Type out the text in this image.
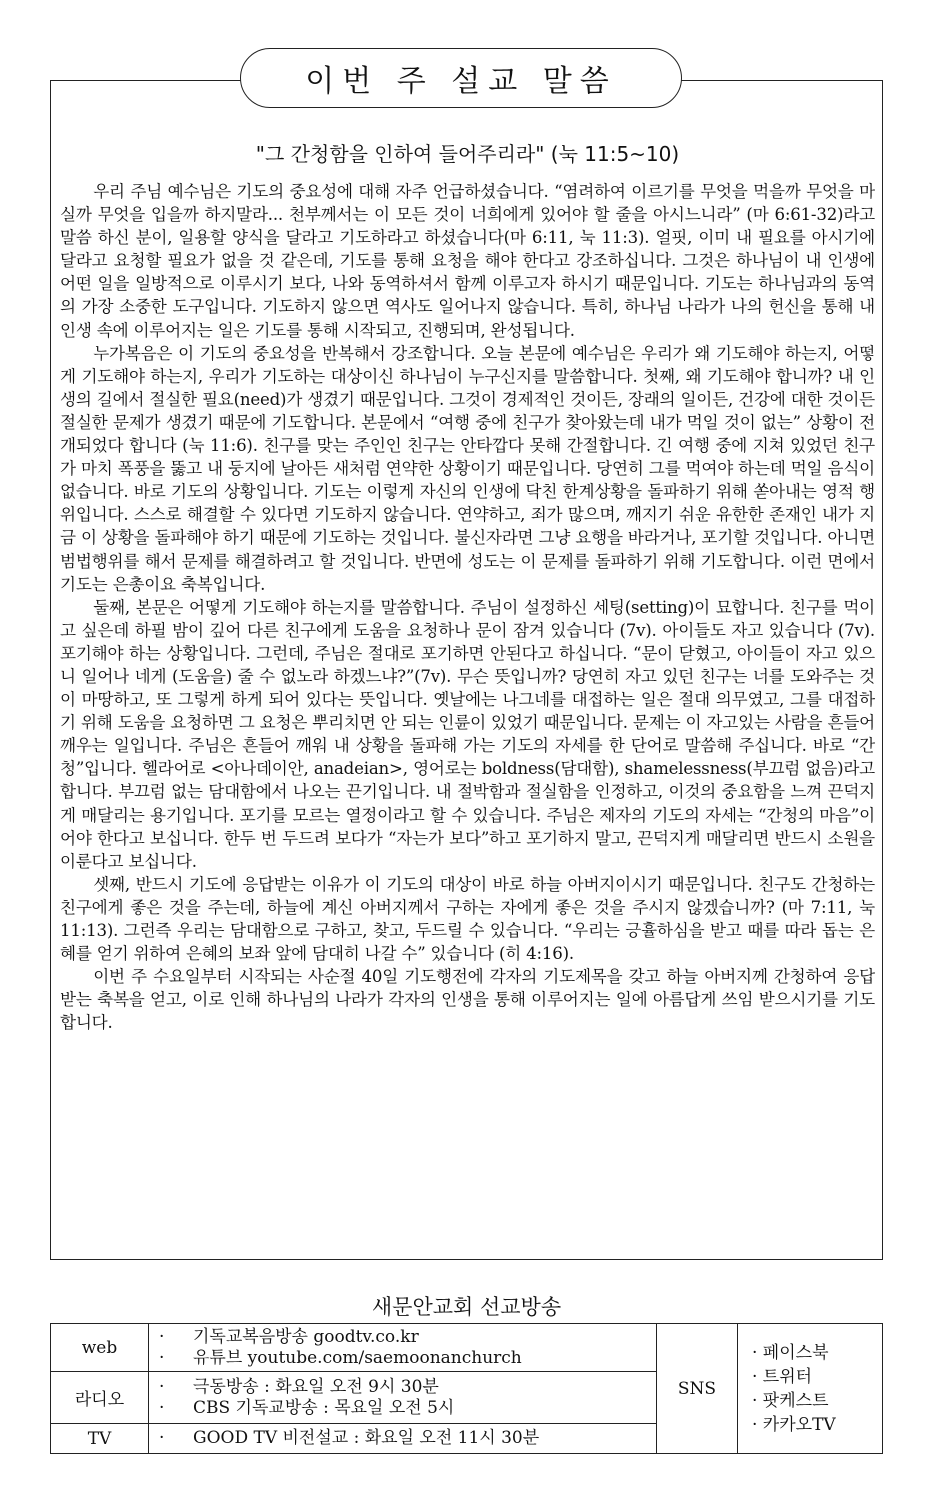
이번 주 설교 말씀
"그 간청함을 인하여 들어주리라" (눅 11:5~10)

우리 주님 예수님은 기도의 중요성에 대해 자주 언급하셨습니다. “염려하여 이르기를 무엇을 먹을까 무엇을 마실까 무엇을 입을까 하지말라... 천부께서는 이 모든 것이 너희에게 있어야 할 줄을 아시느니라” (마 6:61-32)라고 말씀 하신 분이, 일용할 양식을 달라고 기도하라고 하셨습니다(마 6:11, 눅 11:3). 얼핏, 이미 내 필요를 아시기에 달라고 요청할 필요가 없을 것 같은데, 기도를 통해 요청을 해야 한다고 강조하십니다. 그것은 하나님이 내 인생에 어떤 일을 일방적으로 이루시기 보다, 나와 동역하셔서 함께 이루고자 하시기 때문입니다. 기도는 하나님과의 동역의 가장 소중한 도구입니다. 기도하지 않으면 역사도 일어나지 않습니다. 특히, 하나님 나라가 나의 헌신을 통해 내 인생 속에 이루어지는 일은 기도를 통해 시작되고, 진행되며, 완성됩니다.

누가복음은 이 기도의 중요성을 반복해서 강조합니다. 오늘 본문에 예수님은 우리가 왜 기도해야 하는지, 어떻게 기도해야 하는지, 우리가 기도하는 대상이신 하나님이 누구신지를 말씀합니다. 첫째, 왜 기도해야 합니까? 내 인생의 길에서 절실한 필요(need)가 생겼기 때문입니다. 그것이 경제적인 것이든, 장래의 일이든, 건강에 대한 것이든 절실한 문제가 생겼기 때문에 기도합니다. 본문에서 “여행 중에 친구가 찾아왔는데 내가 먹일 것이 없는” 상황이 전개되었다 합니다 (눅 11:6). 친구를 맞는 주인인 친구는 안타깝다 못해 간절합니다. 긴 여행 중에 지쳐 있었던 친구가 마치 폭풍을 뚫고 내 둥지에 날아든 새처럼 연약한 상황이기 때문입니다. 당연히 그를 먹여야 하는데 먹일 음식이 없습니다. 바로 기도의 상황입니다. 기도는 이렇게 자신의 인생에 닥친 한계상황을 돌파하기 위해 쏟아내는 영적 행위입니다. 스스로 해결할 수 있다면 기도하지 않습니다. 연약하고, 죄가 많으며, 깨지기 쉬운 유한한 존재인 내가 지금 이 상황을 돌파해야 하기 때문에 기도하는 것입니다. 불신자라면 그냥 요행을 바라거나, 포기할 것입니다. 아니면 범법행위를 해서 문제를 해결하려고 할 것입니다. 반면에 성도는 이 문제를 돌파하기 위해 기도합니다. 이런 면에서 기도는 은총이요 축복입니다.

둘째, 본문은 어떻게 기도해야 하는지를 말씀합니다. 주님이 설정하신 세팅(setting)이 묘합니다. 친구를 먹이고 싶은데 하필 밤이 깊어 다른 친구에게 도움을 요청하나 문이 잠겨 있습니다 (7v). 아이들도 자고 있습니다 (7v). 포기해야 하는 상황입니다. 그런데, 주님은 절대로 포기하면 안된다고 하십니다. “문이 닫혔고, 아이들이 자고 있으니 일어나 네게 (도움을) 줄 수 없노라 하겠느냐?”(7v). 무슨 뜻입니까? 당연히 자고 있던 친구는 너를 도와주는 것이 마땅하고, 또 그렇게 하게 되어 있다는 뜻입니다. 옛날에는 나그네를 대접하는 일은 절대 의무였고, 그를 대접하기 위해 도움을 요청하면 그 요청은 뿌리치면 안 되는 인륜이 있었기 때문입니다. 문제는 이 자고있는 사람을 흔들어 깨우는 일입니다. 주님은 흔들어 깨워 내 상황을 돌파해 가는 기도의 자세를 한 단어로 말씀해 주십니다. 바로 “간청”입니다. 헬라어로 <아나데이안, anadeian>, 영어로는 boldness(담대함), shamelessness(부끄럼 없음)라고 합니다. 부끄럼 없는 담대함에서 나오는 끈기입니다. 내 절박함과 절실함을 인정하고, 이것의 중요함을 느껴 끈덕지게 매달리는 용기입니다. 포기를 모르는 열정이라고 할 수 있습니다. 주님은 제자의 기도의 자세는 “간청의 마음”이어야 한다고 보십니다. 한두 번 두드려 보다가 “자는가 보다”하고 포기하지 말고, 끈덕지게 매달리면 반드시 소원을 이룬다고 보십니다.

셋째, 반드시 기도에 응답받는 이유가 이 기도의 대상이 바로 하늘 아버지이시기 때문입니다. 친구도 간청하는 친구에게 좋은 것을 주는데, 하늘에 계신 아버지께서 구하는 자에게 좋은 것을 주시지 않겠습니까? (마 7:11, 눅 11:13). 그런즉 우리는 담대함으로 구하고, 찾고, 두드릴 수 있습니다. “우리는 긍휼하심을 받고 때를 따라 돕는 은혜를 얻기 위하여 은혜의 보좌 앞에 담대히 나갈 수” 있습니다 (히 4:16).

이번 주 수요일부터 시작되는 사순절 40일 기도행전에 각자의 기도제목을 갖고 하늘 아버지께 간청하여 응답받는 축복을 얻고, 이로 인해 하나님의 나라가 각자의 인생을 통해 이루어지는 일에 아름답게 쓰임 받으시기를 기도합니다.

새문안교회 선교방송
web	· 기독교복음방송 goodtv.co.kr
· 유튜브 youtube.com/saemoonanchurch	SNS	· 페이스북
· 트위터
· 팟케스트
· 카카오TV

라디오	· 극동방송 : 화요일 오전 9시 30분
· CBS 기독교방송 : 목요일 오전 5시		

TV	· GOOD TV 비전설교 : 화요일 오전 11시 30분		
